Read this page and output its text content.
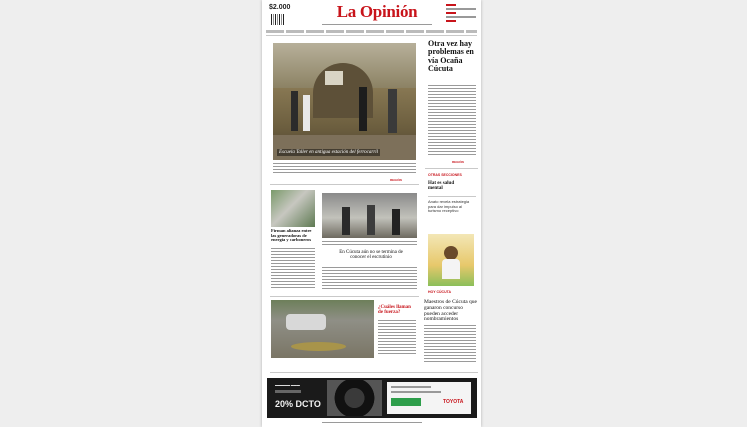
$2.000	La Opinión
Escuela Taller en antigua estación del ferrocarril
REGIÓN
Otra vez hay problemas en vía Ocaña Cúcuta
REGIÓN
OTRAS SECCIONES
Hat es salud mental
Anato revela estrategia para dar impulso al turismo receptivo
HOY CÚCUTA
Firman alianza entre las generadoras de energía y carboneros
En Cúcuta aún no se termina de conocer el escrutinio
¿Cuáles llaman de fuerza?
Maestros de Cúcuta que ganaron concurso pueden acceder nombramientos
▬▬▬▬▬ ▬▬▬
20% DCTO	TOYOTA
